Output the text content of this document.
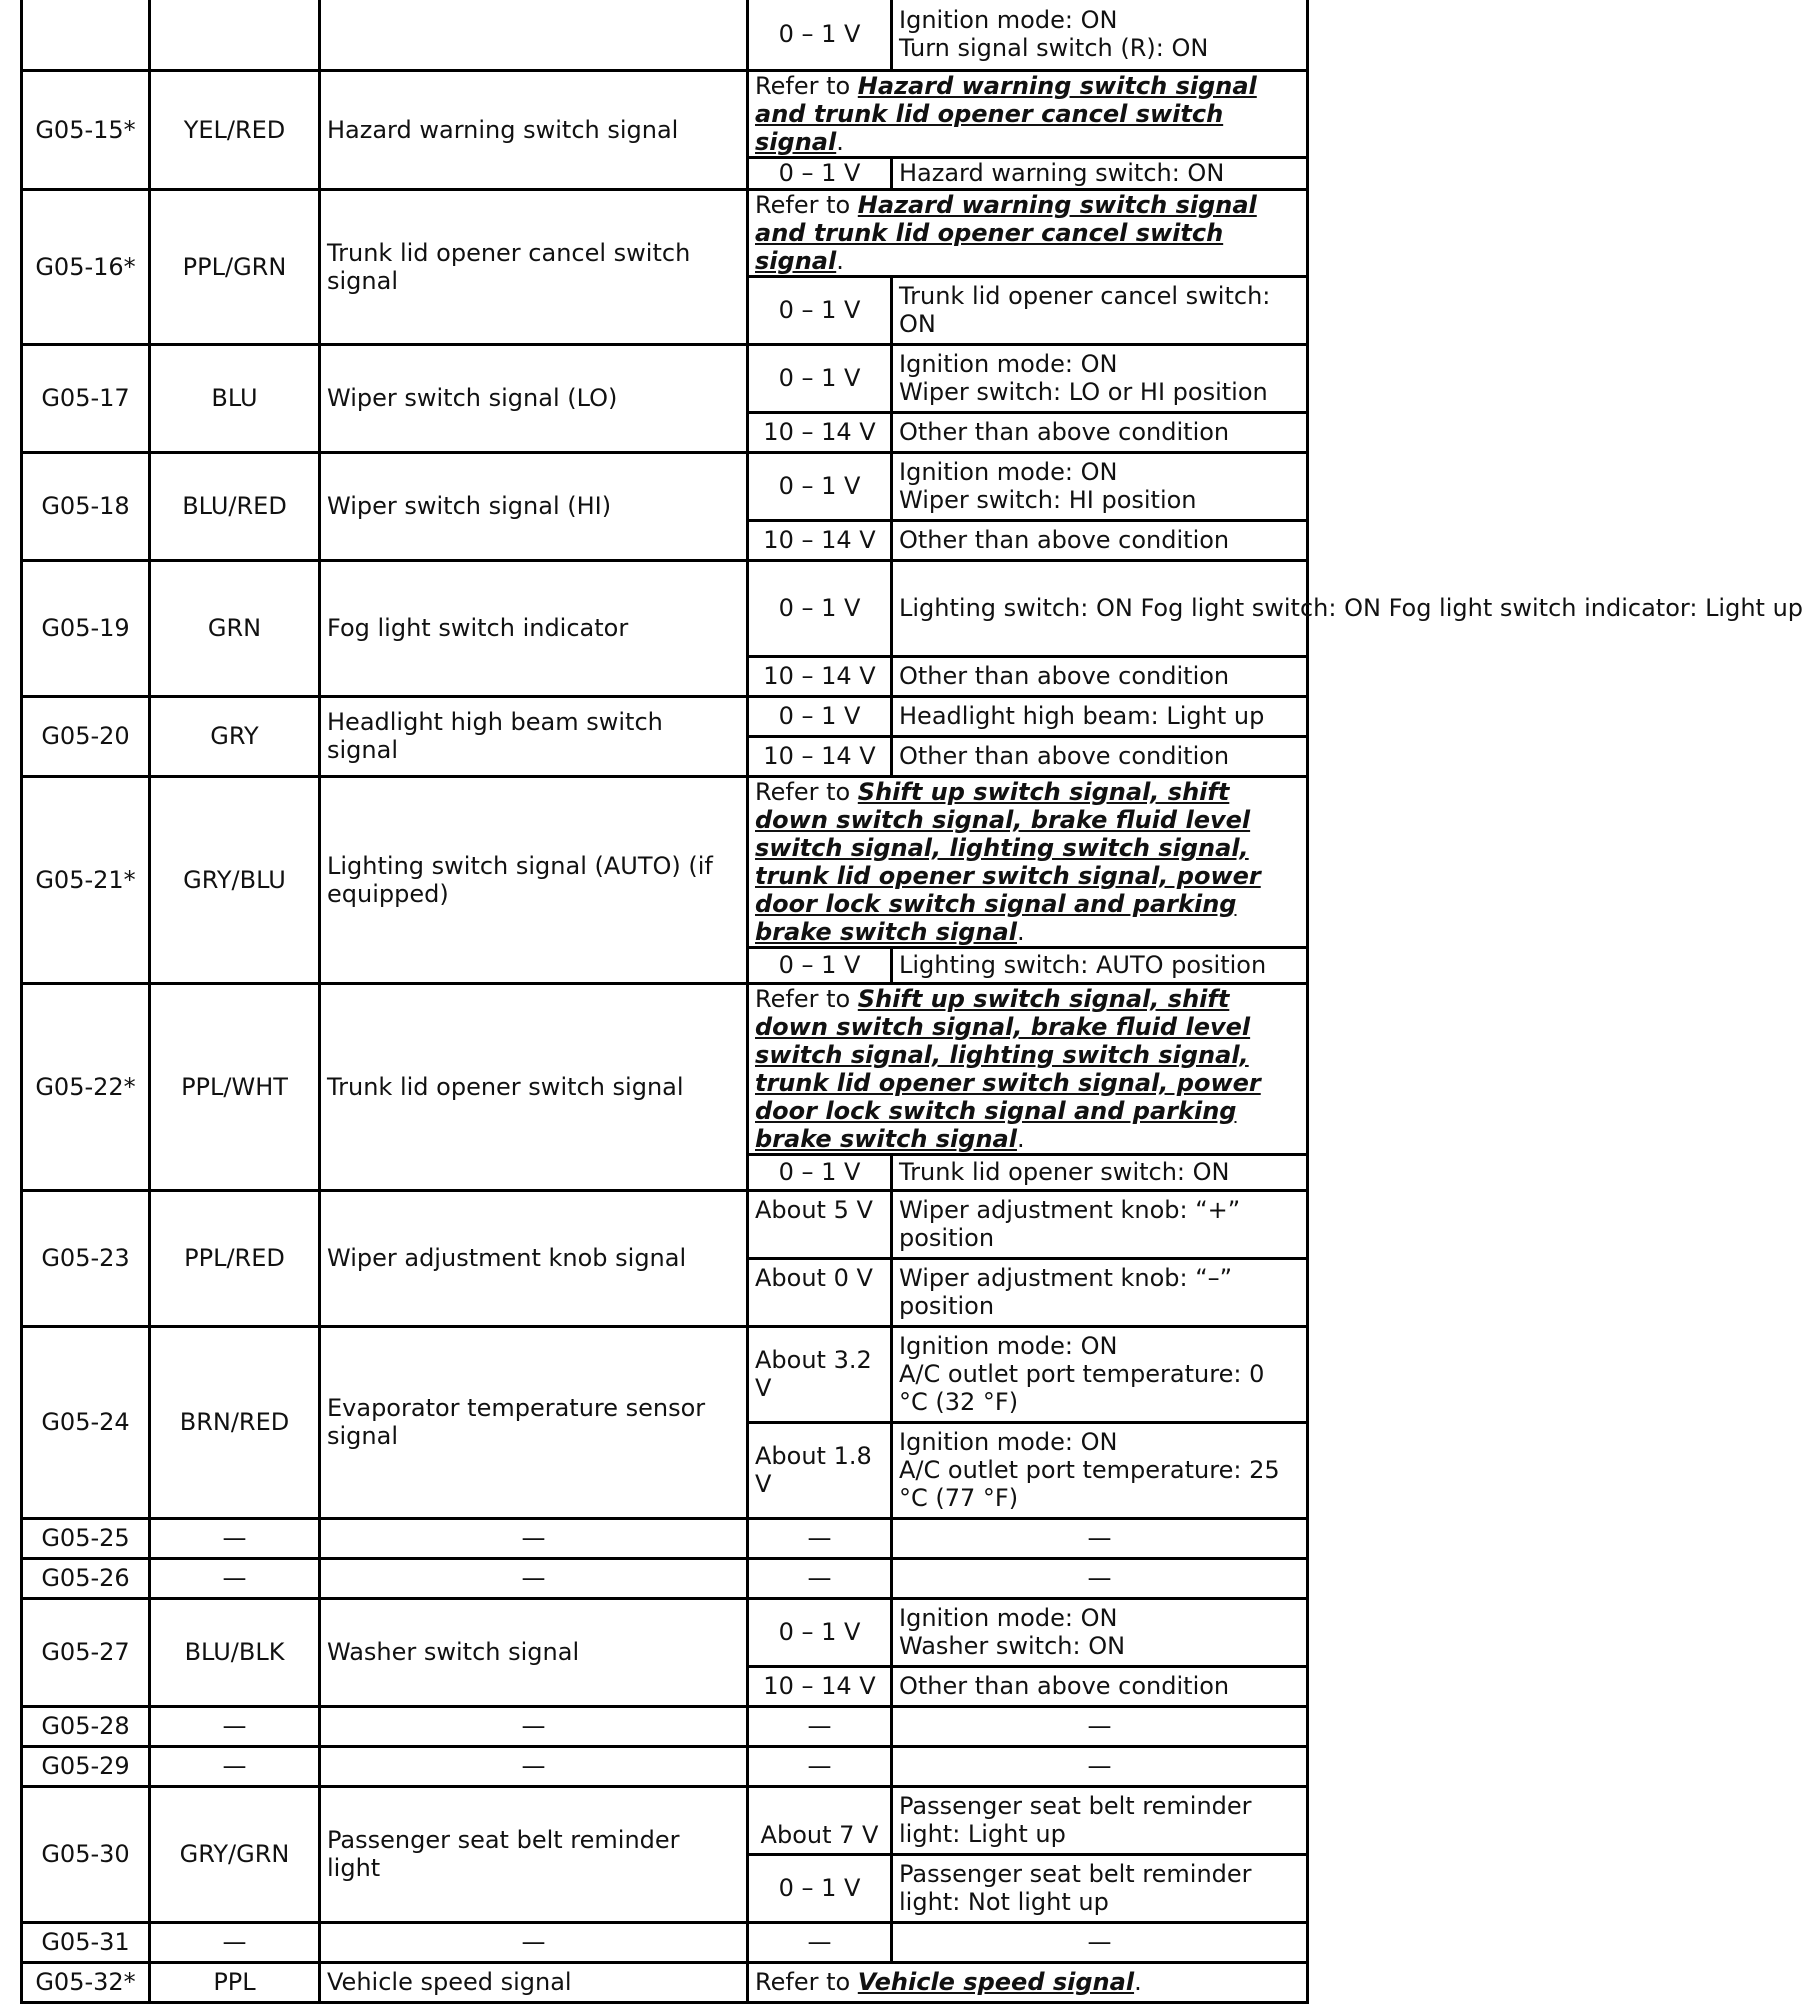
			0 – 1 V	Ignition mode: ON
Turn signal switch (R): ON
G05-15*	YEL/RED	Hazard warning switch signal	Refer to Hazard warning switch signal and trunk lid opener cancel switch signal.	
			0 – 1 V	Hazard warning switch: ON
G05-16*	PPL/GRN	Trunk lid opener cancel switch signal	Refer to Hazard warning switch signal and trunk lid opener cancel switch signal.	
			0 – 1 V	Trunk lid opener cancel switch: ON
G05-17	BLU	Wiper switch signal (LO)	0 – 1 V	Ignition mode: ON
Wiper switch: LO or HI position
			10 – 14 V	Other than above condition
G05-18	BLU/RED	Wiper switch signal (HI)	0 – 1 V	Ignition mode: ON
Wiper switch: HI position
			10 – 14 V	Other than above condition
G05-19	GRN	Fog light switch indicator	0 – 1 V	Lighting switch: ON Fog light switch: ON Fog light switch indicator: Light up
			10 – 14 V	Other than above condition
G05-20	GRY	Headlight high beam switch signal	0 – 1 V	Headlight high beam: Light up
			10 – 14 V	Other than above condition
G05-21*	GRY/BLU	Lighting switch signal (AUTO) (if equipped)	Refer to Shift up switch signal, shift down switch signal, brake fluid level switch signal, lighting switch signal, trunk lid opener switch signal, power door lock switch signal and parking brake switch signal.	
			0 – 1 V	Lighting switch: AUTO position
G05-22*	PPL/WHT	Trunk lid opener switch signal	Refer to Shift up switch signal, shift down switch signal, brake fluid level switch signal, lighting switch signal, trunk lid opener switch signal, power door lock switch signal and parking brake switch signal.	
			0 – 1 V	Trunk lid opener switch: ON
G05-23	PPL/RED	Wiper adjustment knob signal	About 5 V	Wiper adjustment knob: “+” position
			About 0 V	Wiper adjustment knob: “–” position
G05-24	BRN/RED	Evaporator temperature sensor signal	About 3.2 V	Ignition mode: ON
A/C outlet port temperature: 0 °C (32 °F)
			About 1.8 V	Ignition mode: ON
A/C outlet port temperature: 25 °C (77 °F)
G05-25	—	—	—	—
G05-26	—	—	—	—
G05-27	BLU/BLK	Washer switch signal	0 – 1 V	Ignition mode: ON
Washer switch: ON
			10 – 14 V	Other than above condition
G05-28	—	—	—	—
G05-29	—	—	—	—
G05-30	GRY/GRN	Passenger seat belt reminder light	About 7 V	Passenger seat belt reminder light: Light up
			0 – 1 V	Passenger seat belt reminder light: Not light up
G05-31	—	—	—	—
G05-32*	PPL	Vehicle speed signal	Refer to Vehicle speed signal.	
